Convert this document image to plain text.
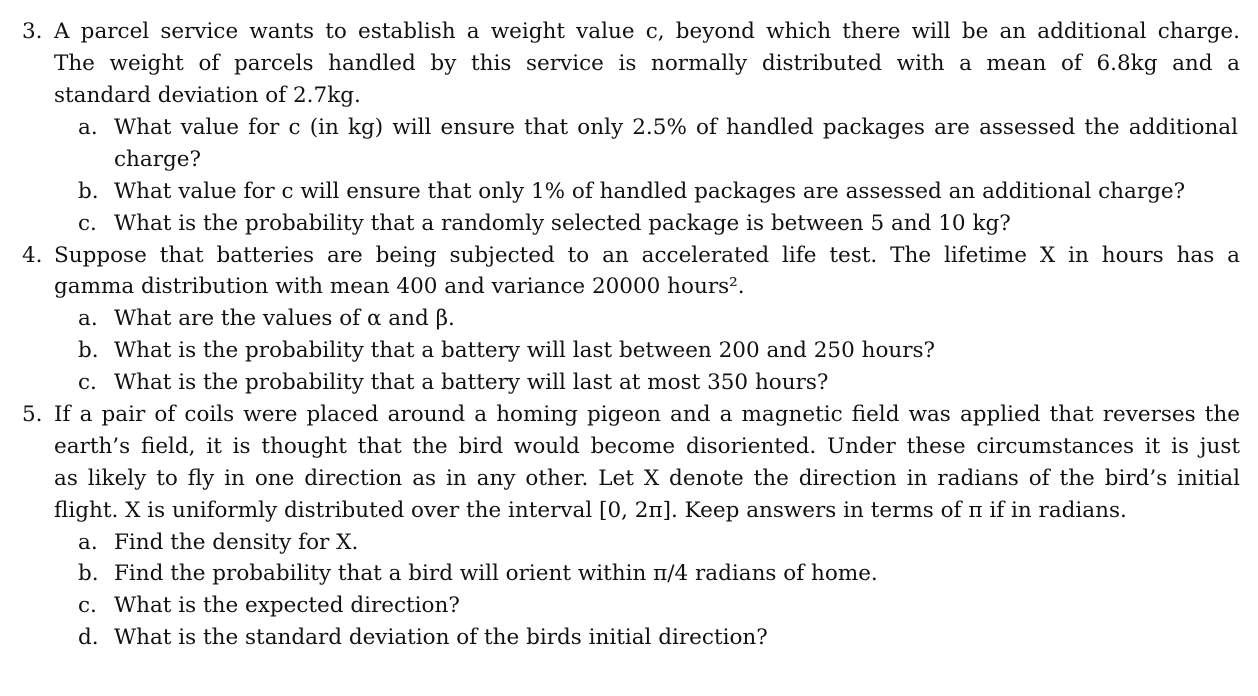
3. A parcel service wants to establish a weight value c, beyond which there will be an additional charge.
The weight of parcels handled by this service is normally distributed with a mean of 6.8kg and a
standard deviation of 2.7kg.
a. What value for c (in kg) will ensure that only 2.5% of handled packages are assessed the additional
charge?
b. What value for c will ensure that only 1% of handled packages are assessed an additional charge?
c. What is the probability that a randomly selected package is between 5 and 10 kg?
4. Suppose that batteries are being subjected to an accelerated life test. The lifetime X in hours has a
gamma distribution with mean 400 and variance 20000 hours².
a. What are the values of α and β.
b. What is the probability that a battery will last between 200 and 250 hours?
c. What is the probability that a battery will last at most 350 hours?
5. If a pair of coils were placed around a homing pigeon and a magnetic field was applied that reverses the
earth’s field, it is thought that the bird would become disoriented. Under these circumstances it is just
as likely to fly in one direction as in any other. Let X denote the direction in radians of the bird’s initial
flight. X is uniformly distributed over the interval [0, 2π]. Keep answers in terms of π if in radians.
a. Find the density for X.
b. Find the probability that a bird will orient within π/4 radians of home.
c. What is the expected direction?
d. What is the standard deviation of the birds initial direction?
